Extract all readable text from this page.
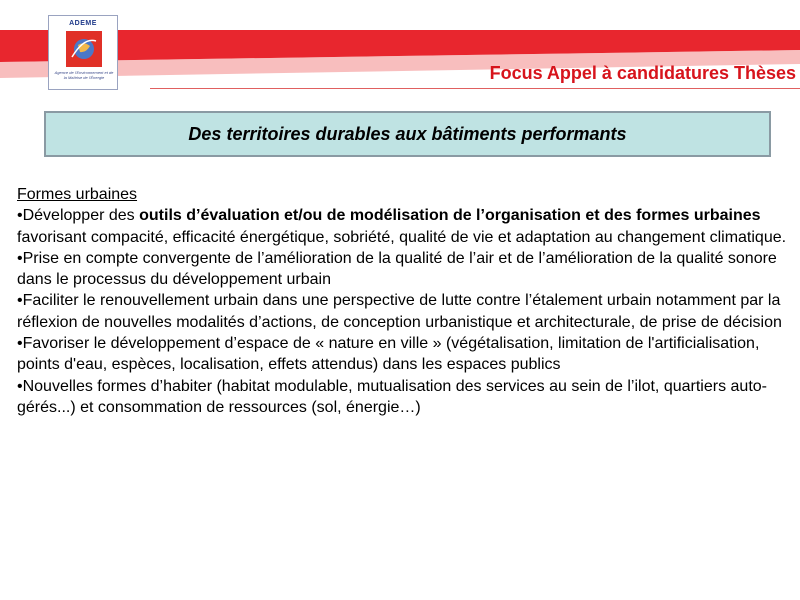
ADEME
Agence de l'Environnement et de la Maîtrise de l'Énergie	Focus Appel à candidatures Thèses
Des territoires durables aux bâtiments performants
Formes urbaines

•Développer des outils d’évaluation et/ou de modélisation de l’organisation et des formes urbaines favorisant compacité, efficacité énergétique, sobriété, qualité de vie et adaptation au changement climatique.

•Prise en compte convergente de l’amélioration de la qualité de l’air et de l’amélioration de la qualité sonore dans le processus du développement urbain

•Faciliter le renouvellement urbain dans une perspective de lutte contre l’étalement urbain notamment par la réflexion de nouvelles modalités d’actions, de conception urbanistique et architecturale, de prise de décision

•Favoriser le développement d’espace de « nature en ville » (végétalisation, limitation de l'artificialisation, points d'eau, espèces, localisation, effets attendus) dans les espaces publics

•Nouvelles formes d’habiter (habitat modulable, mutualisation des services au sein de l’ilot, quartiers auto-gérés...) et consommation de ressources (sol, énergie…)
